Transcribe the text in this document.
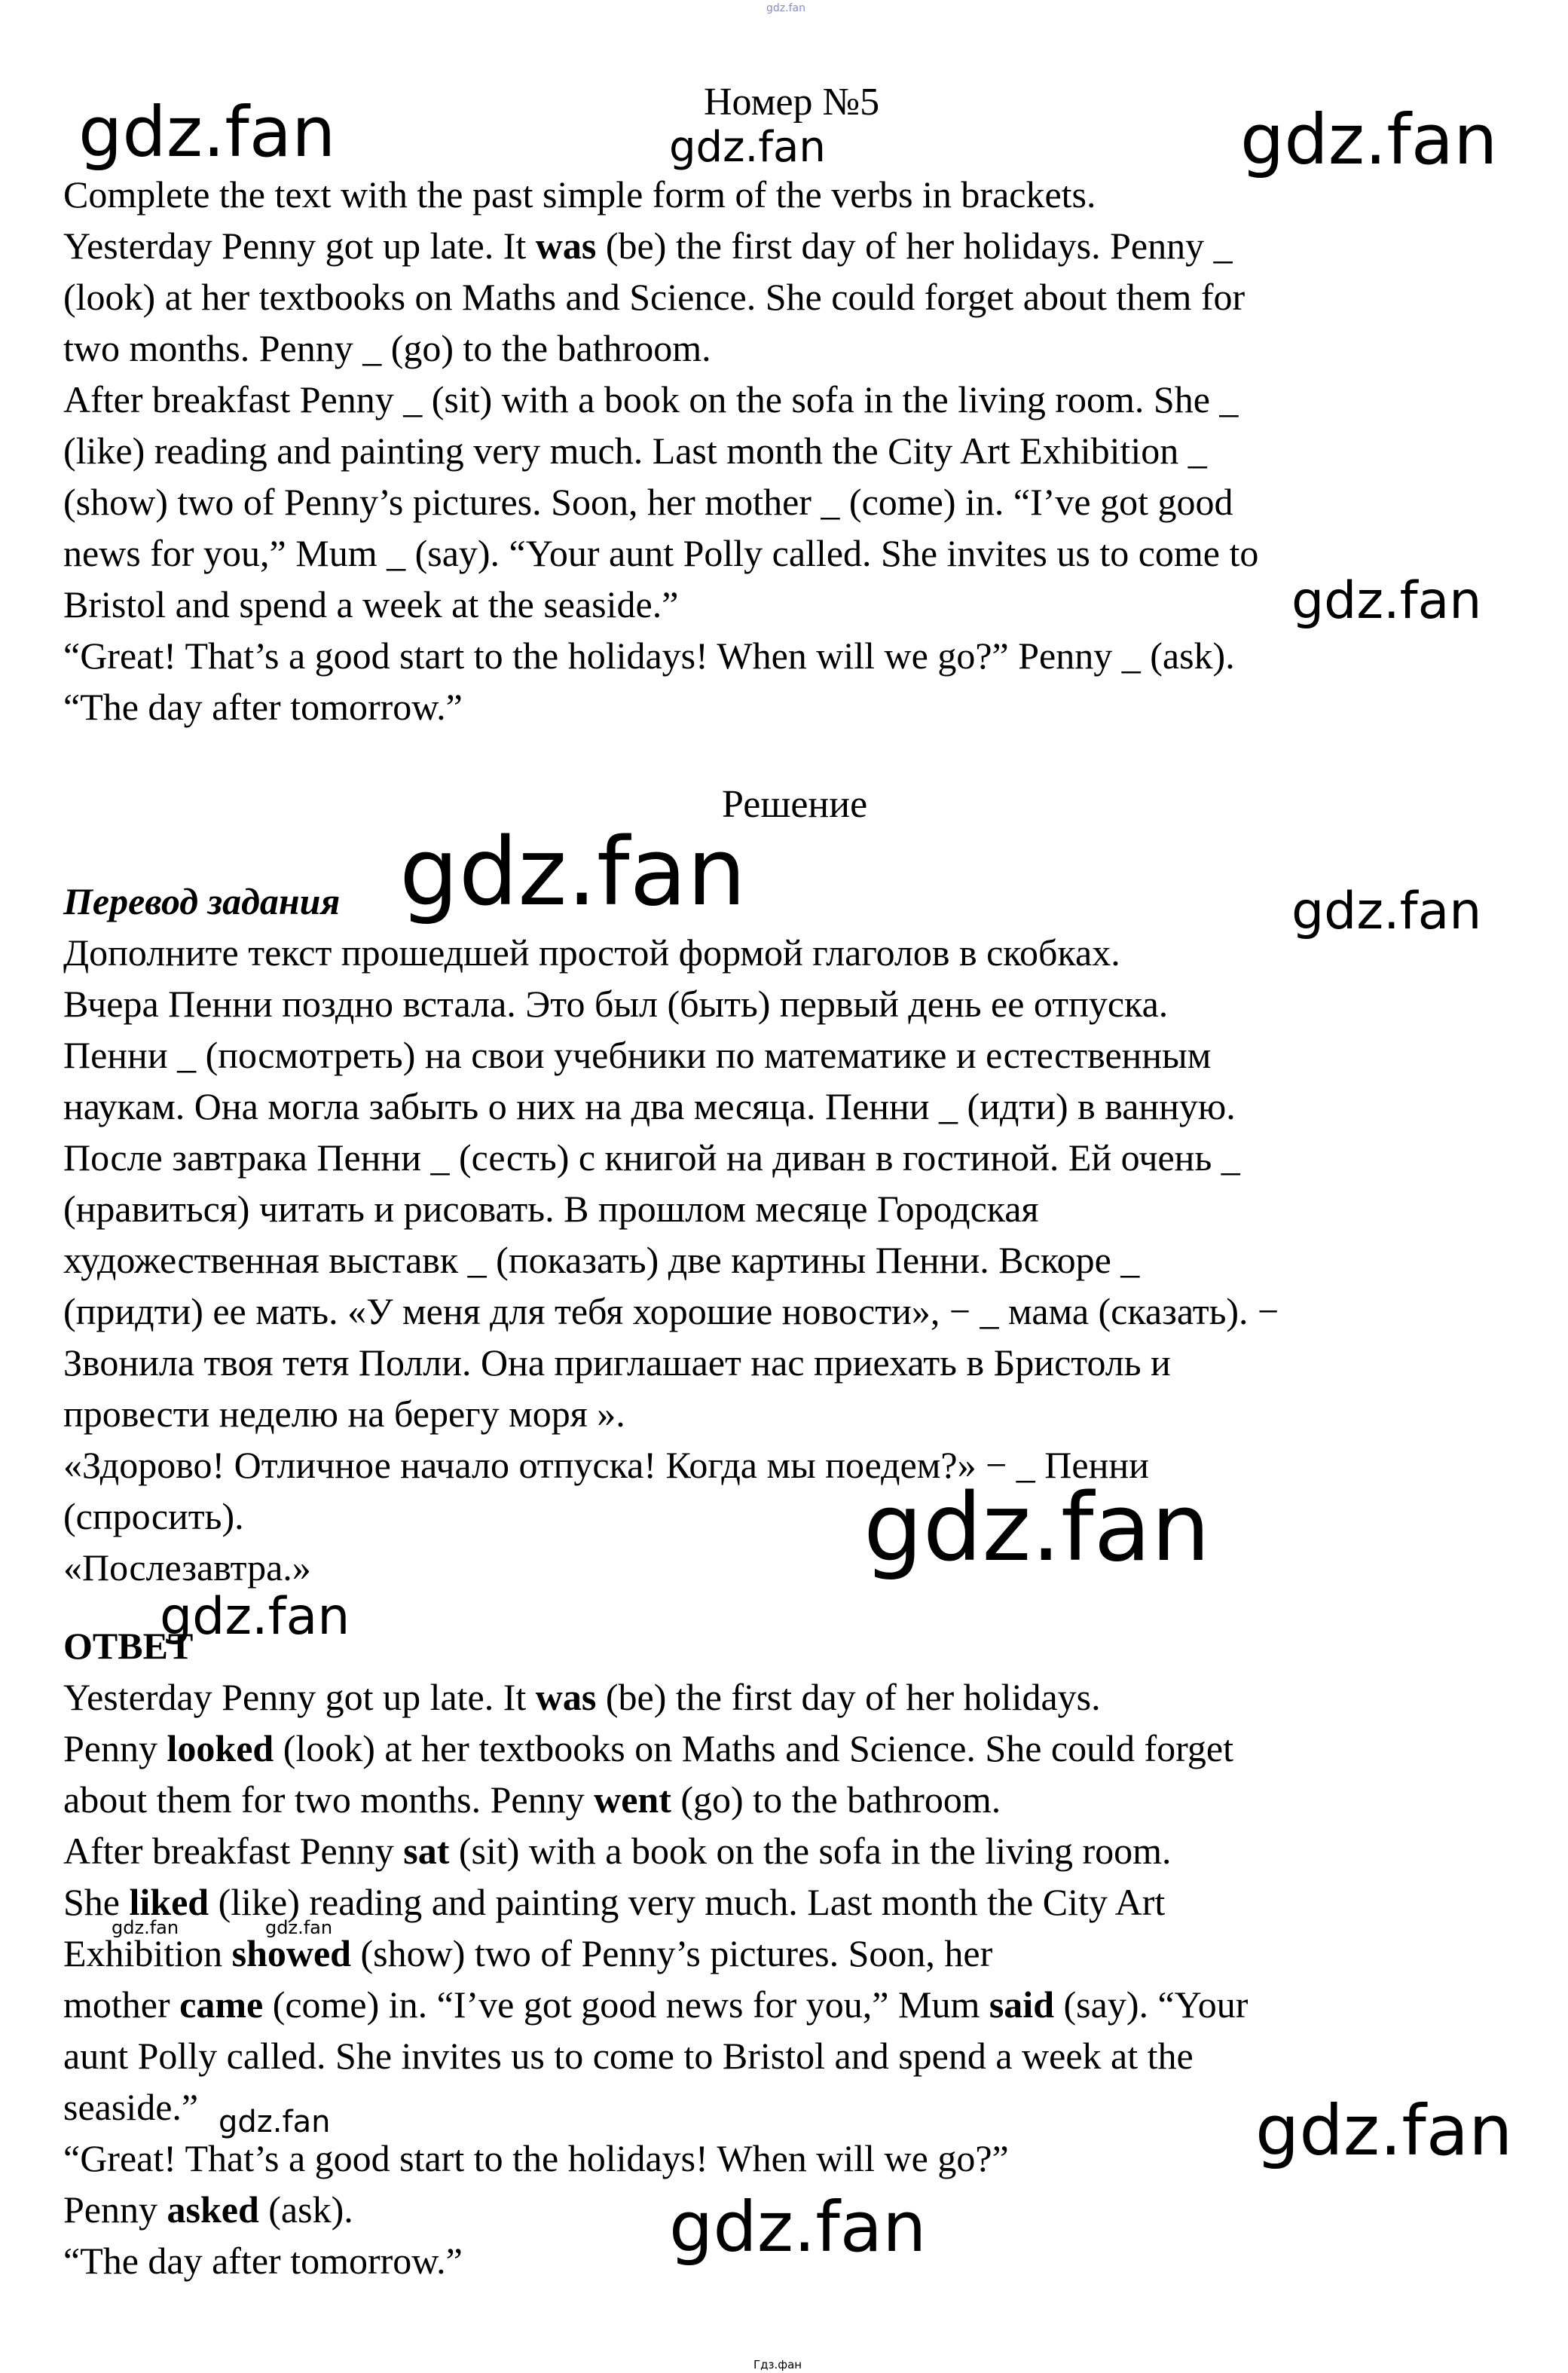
gdz.fan
Номер №5
gdz.fan	gdz.fan	gdz.fan
Complete the text with the past simple form of the verbs in brackets.
Yesterday Penny got up late. It was (be) the first day of her holidays. Penny _
(look) at her textbooks on Maths and Science. She could forget about them for
two months. Penny _ (go) to the bathroom.
After breakfast Penny _ (sit) with a book on the sofa in the living room. She _
(like) reading and painting very much. Last month the City Art Exhibition _
(show) two of Penny’s pictures. Soon, her mother _ (come) in. “I’ve got good
news for you,” Mum _ (say). “Your aunt Polly called. She invites us to come to
Bristol and spend a week at the seaside.”
“Great! That’s a good start to the holidays! When will we go?” Penny _ (ask).
“The day after tomorrow.”
gdz.fan
Решение
Перевод задания gdz.fan	gdz.fan
Дополните текст прошедшей простой формой глаголов в скобках.
Вчера Пенни поздно встала. Это был (быть) первый день ее отпуска.
Пенни _ (посмотреть) на свои учебники по математике и естественным
наукам. Она могла забыть о них на два месяца. Пенни _ (идти) в ванную.
После завтрака Пенни _ (сесть) с книгой на диван в гостиной. Ей очень _
(нравиться) читать и рисовать. В прошлом месяце Городская
художественная выставк _ (показать) две картины Пенни. Вскоре _
(придти) ее мать. «У меня для тебя хорошие новости», − _ мама (сказать). −
Звонила твоя тетя Полли. Она приглашает нас приехать в Бристоль и
провести неделю на берегу моря ».
«Здорово! Отличное начало отпуска! Когда мы поедем?» − _ Пенни
(спросить).
«Послезавтра.»	gdz.fan
gdz.fan
ОТВЕТ
Yesterday Penny got up late. It was (be) the first day of her holidays.
Penny looked (look) at her textbooks on Maths and Science. She could forget
about them for two months. Penny went (go) to the bathroom.
After breakfast Penny sat (sit) with a book on the sofa in the living room.
She liked (like) reading and painting very much. Last month the City Art
gdz.fan	gdz.fan
Exhibition showed (show) two of Penny’s pictures. Soon, her
mother came (come) in. “I’ve got good news for you,” Mum said (say). “Your
aunt Polly called. She invites us to come to Bristol and spend a week at the
seaside.” gdz.fan	gdz.fan
“Great! That’s a good start to the holidays! When will we go?”
Penny asked (ask).	gdz.fan
“The day after tomorrow.”
Гдз.фан
